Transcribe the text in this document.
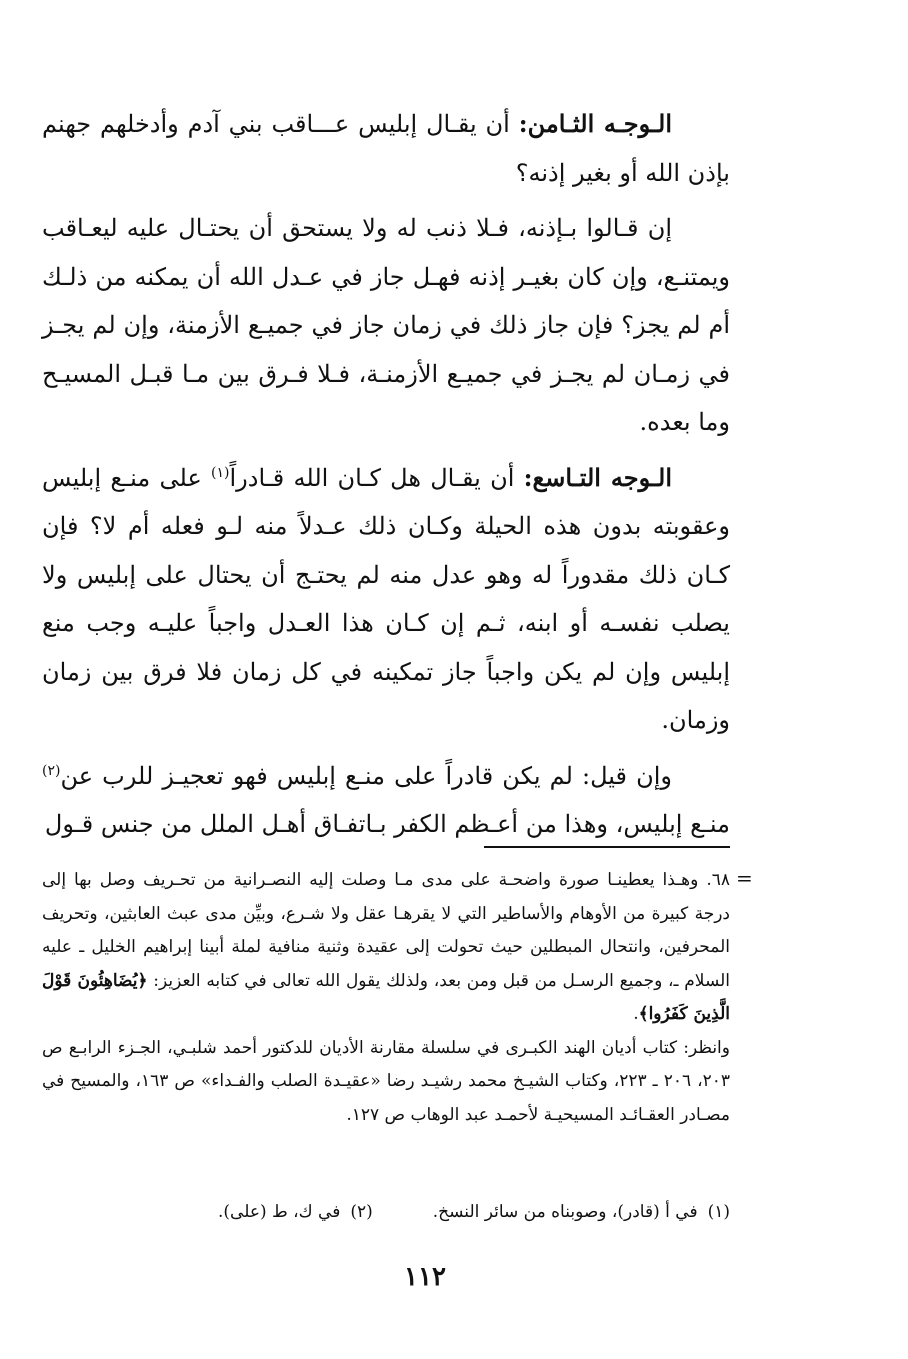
الـوجـه الثـامن: أن يقـال إبليس عـــاقب بني آدم وأدخلهم جهنم بإذن الله أو بغير إذنه؟

إن قـالوا بـإذنه، فـلا ذنب له ولا يستحق أن يحتـال عليه ليعـاقب ويمتنـع، وإن كان بغيـر إذنه فهـل جاز في عـدل الله أن يمكنه من ذلـك أم لم يجز؟ فإن جاز ذلك في زمان جاز في جميـع الأزمنة، وإن لم يجـز في زمـان لم يجـز في جميـع الأزمنـة، فـلا فـرق بين مـا قبـل المسيـح وما بعده.

الـوجه التـاسع: أن يقـال هل كـان الله قـادراً$^{(١)}$ على منـع إبليس وعقوبته بدون هذه الحيلة وكـان ذلك عـدلاً منه لـو فعله أم لا؟ فإن كـان ذلك مقدوراً له وهو عدل منه لم يحتـج أن يحتال على إبليس ولا يصلب نفسـه أو ابنه، ثـم إن كـان هذا العـدل واجباً عليـه وجب منع إبليس وإن لم يكن واجباً جاز تمكينه في كل زمان فلا فرق بين زمان وزمان.

وإن قيل: لم يكن قادراً على منـع إبليس فهو تعجيـز للرب عن$^{(٢)}$ منـع إبليس، وهذا من أعـظم الكفر بـاتفـاق أهـل الملل من جنس قـول

=

٦٨.وهـذا يعطينـا صورة واضحـة على مدى مـا وصلت إليه النصـرانية من تحـريف وصل بها إلى درجة كبيرة من الأوهام والأساطير التي لا يقرهـا عقل ولا شـرع، وبيِّن مدى عبث العابثين، وتحريف المحرفين، وانتحال المبطلين حيث تحولت إلى عقيدة وثنية منافية لملة أبينا إبراهيم الخليل ـ عليه السلام ـ، وجميع الرسـل من قبل ومن بعد، ولذلك يقول الله تعالى في كتابه العزيز: ﴿يُضَاهِئُونَ قَوْلَ الَّذِينَ كَفَرُوا﴾.

وانظر: كتاب أديان الهند الكبـرى في سلسلة مقارنة الأديان للدكتور أحمد شلبـي، الجـزء الرابـع ص ٢٠٣، ٢٠٦ ـ ٢٢٣، وكتاب الشيـخ محمد رشيـد رضا «عقيـدة الصلب والفـداء» ص ١٦٣، والمسيح في مصـادر العقـائـد المسيحيـة لأحمـد عبد الوهاب ص ١٢٧.

(١)في أ (قادر)، وصوبناه من سائر النسخ.(٢)في ك، ط (على).
١١٢
